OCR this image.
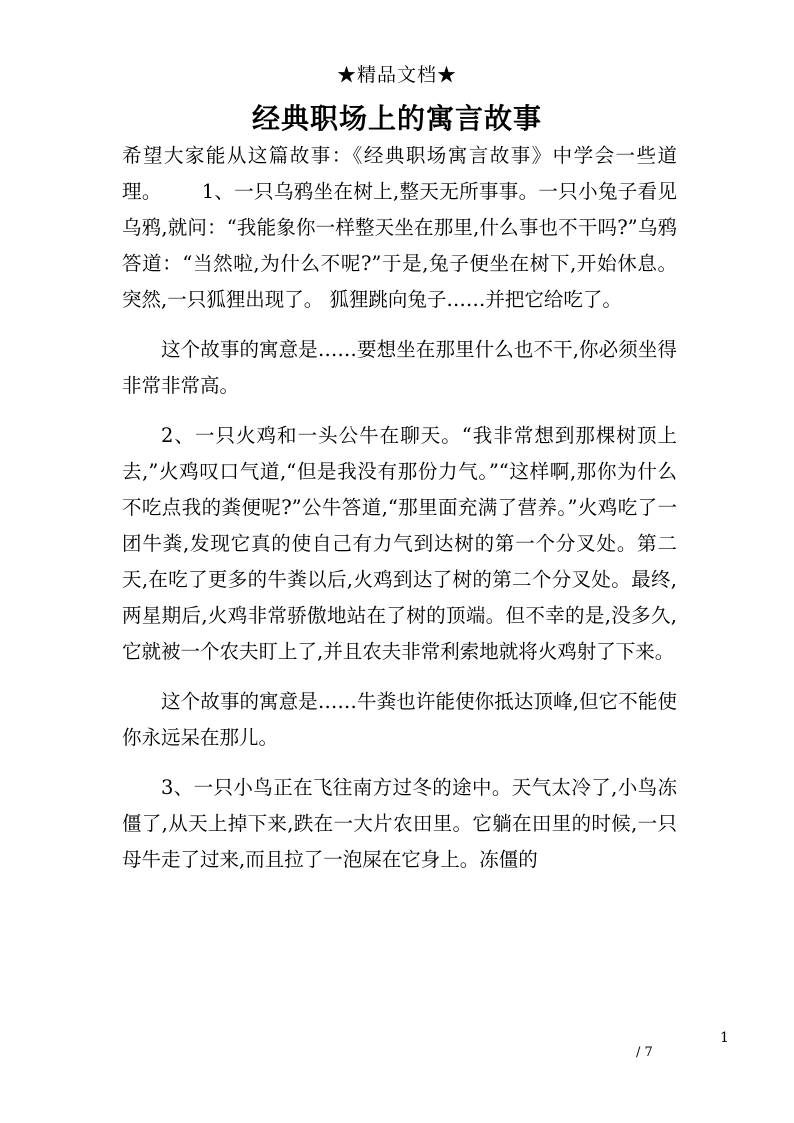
★精品文档★
经典职场上的寓言故事

希望大家能从这篇故事：《经典职场寓言故事》中学会一些道理。 1、一只乌鸦坐在树上,整天无所事事。一只小兔子看见乌鸦,就问：“我能象你一样整天坐在那里,什么事也不干吗?”乌鸦答道：“当然啦,为什么不呢?”于是,兔子便坐在树下,开始休息。突然,一只狐狸出现了。 狐狸跳向兔子……并把它给吃了。

这个故事的寓意是……要想坐在那里什么也不干,你必须坐得非常非常高。

2、一只火鸡和一头公牛在聊天。“我非常想到那棵树顶上去,”火鸡叹口气道,“但是我没有那份力气。”“这样啊,那你为什么不吃点我的粪便呢?”公牛答道,“那里面充满了营养。”火鸡吃了一团牛粪,发现它真的使自己有力气到达树的第一个分叉处。第二天,在吃了更多的牛粪以后,火鸡到达了树的第二个分叉处。最终,两星期后,火鸡非常骄傲地站在了树的顶端。但不幸的是,没多久,它就被一个农夫盯上了,并且农夫非常利索地就将火鸡射了下来。

这个故事的寓意是……牛粪也许能使你抵达顶峰,但它不能使你永远呆在那儿。

3、一只小鸟正在飞往南方过冬的途中。天气太冷了,小鸟冻僵了,从天上掉下来,跌在一大片农田里。它躺在田里的时候,一只母牛走了过来,而且拉了一泡屎在它身上。冻僵的

1
/ 7
